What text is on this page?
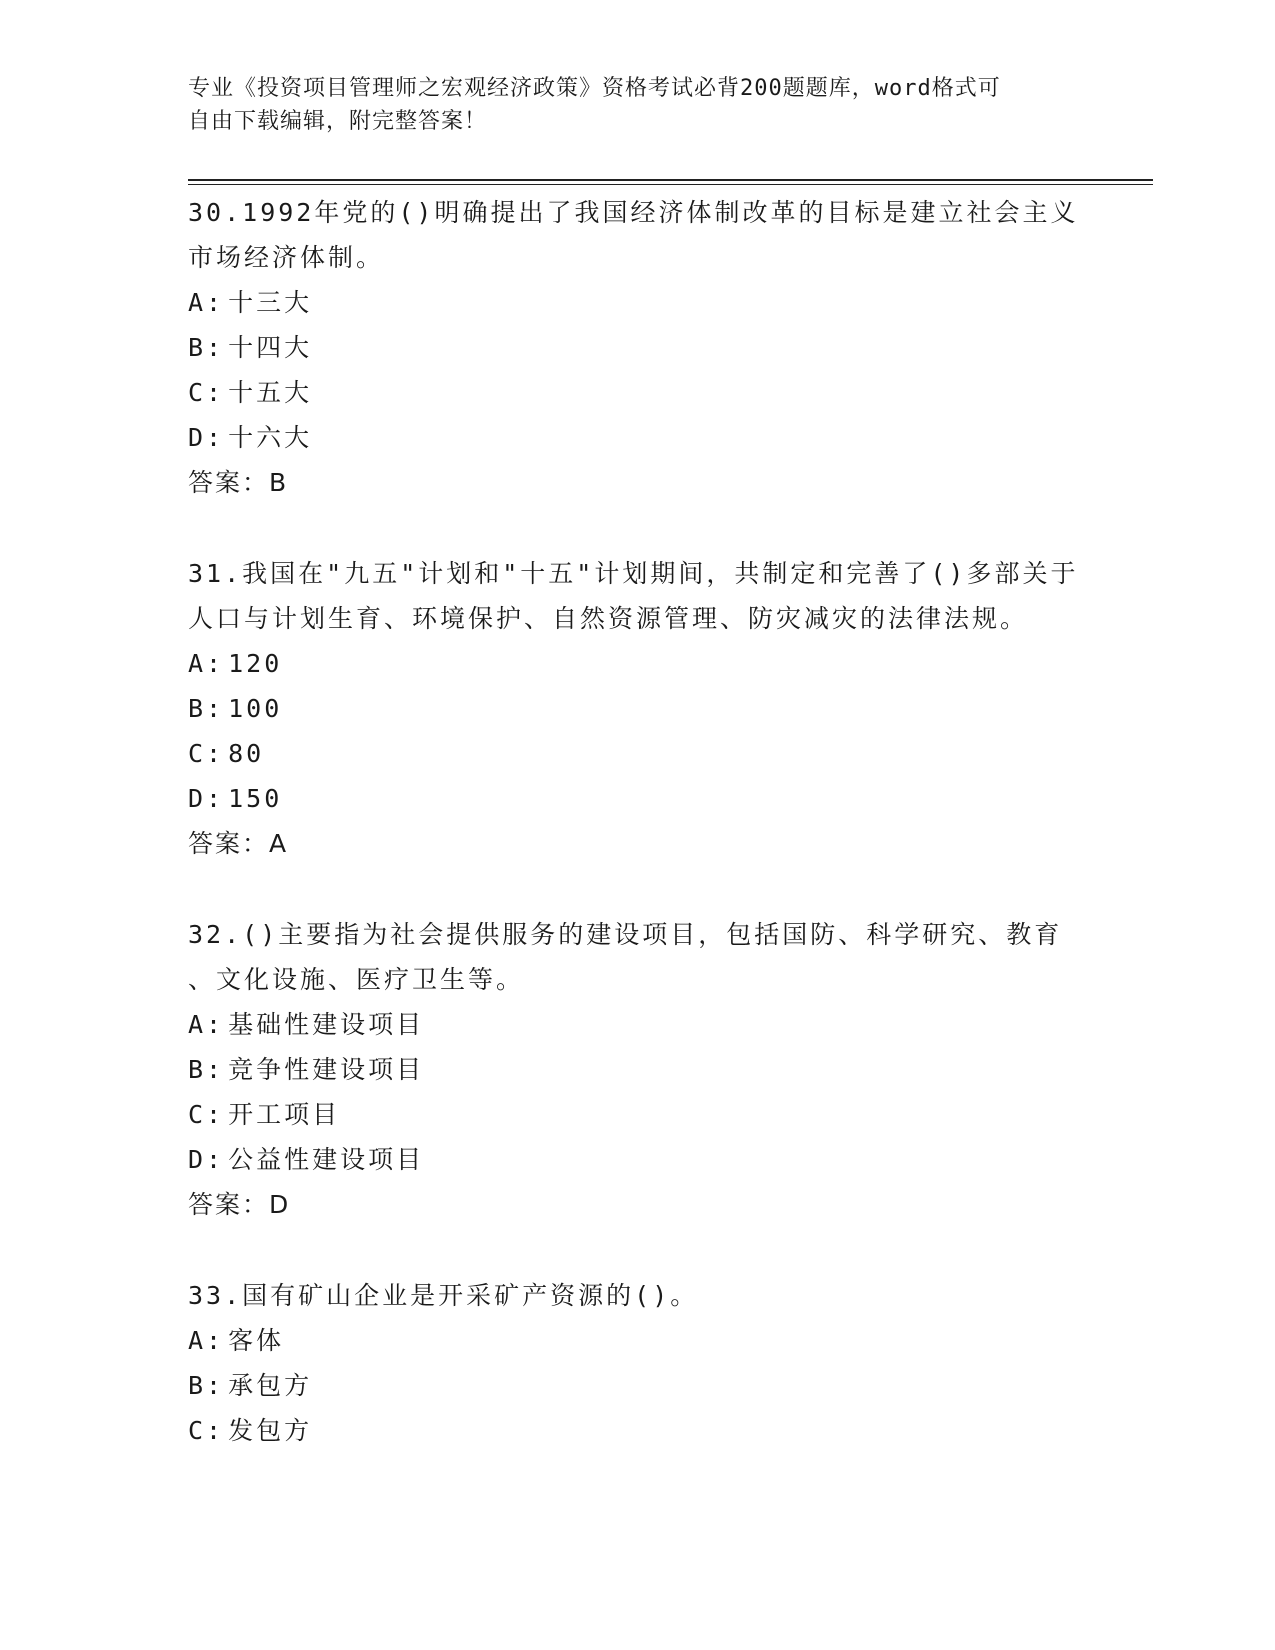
专业《投资项目管理师之宏观经济政策》资格考试必背200题题库，word格式可
自由下载编辑，附完整答案！
30.1992年党的()明确提出了我国经济体制改革的目标是建立社会主义
市场经济体制。
A: 十三大
B: 十四大
C: 十五大
D: 十六大
答案：B
31.我国在"九五"计划和"十五"计划期间，共制定和完善了()多部关于
人口与计划生育、环境保护、自然资源管理、防灾减灾的法律法规。
A: 120
B: 100
C: 80
D: 150
答案：A
32.()主要指为社会提供服务的建设项目，包括国防、科学研究、教育
、文化设施、医疗卫生等。
A: 基础性建设项目
B: 竞争性建设项目
C: 开工项目
D: 公益性建设项目
答案：D
33.国有矿山企业是开采矿产资源的()。
A: 客体
B: 承包方
C: 发包方
